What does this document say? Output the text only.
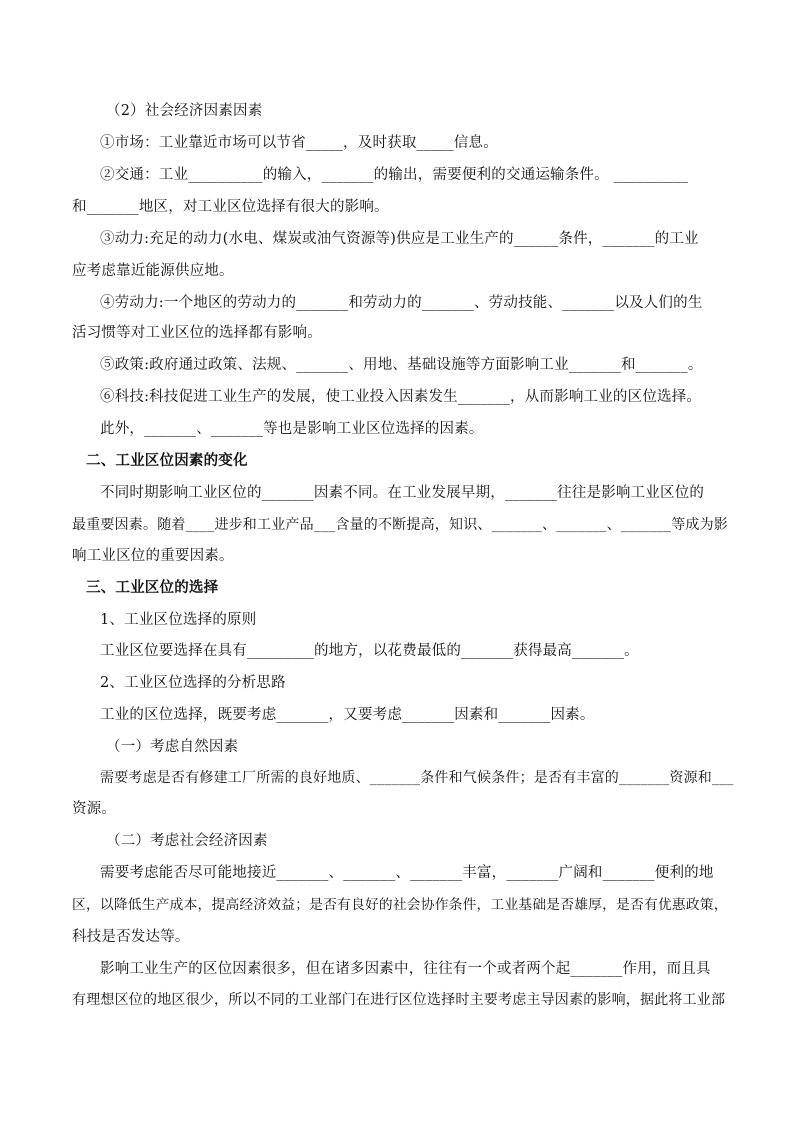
（2）社会经济因素因素
①市场：工业靠近市场可以节省_____，及时获取_____信息。
②交通：工业__________的输入，_______的输出，需要便利的交通运输条件。 __________
和_______地区，对工业区位选择有很大的影响。
③动力:充足的动力(水电、煤炭或油气资源等)供应是工业生产的______条件，_______的工业
应考虑靠近能源供应地。
④劳动力:一个地区的劳动力的_______和劳动力的_______、劳动技能、_______以及人们的生
活习惯等对工业区位的选择都有影响。
⑤政策:政府通过政策、法规、_______、用地、基础设施等方面影响工业_______和_______。
⑥科技:科技促进工业生产的发展，使工业投入因素发生_______，从而影响工业的区位选择。
此外，_______、_______等也是影响工业区位选择的因素。
二、工业区位因素的变化
不同时期影响工业区位的_______因素不同。在工业发展早期，_______往往是影响工业区位的
最重要因素。随着____进步和工业产品___含量的不断提高，知识、_______、_______、_______等成为影
响工业区位的重要因素。
三、工业区位的选择
1、工业区位选择的原则
工业区位要选择在具有_________的地方，以花费最低的_______获得最高_______。
2、工业区位选择的分析思路
工业的区位选择，既要考虑_______，又要考虑_______因素和_______因素。
（一）考虑自然因素
需要考虑是否有修建工厂所需的良好地质、_______条件和气候条件；是否有丰富的_______资源和___
资源。
（二）考虑社会经济因素
需要考虑能否尽可能地接近_______、_______、_______丰富，_______广阔和_______便利的地
区，以降低生产成本，提高经济效益；是否有良好的社会协作条件，工业基础是否雄厚，是否有优惠政策，
科技是否发达等。
影响工业生产的区位因素很多，但在诸多因素中，往往有一个或者两个起_______作用，而且具
有理想区位的地区很少，所以不同的工业部门在进行区位选择时主要考虑主导因素的影响，据此将工业部
